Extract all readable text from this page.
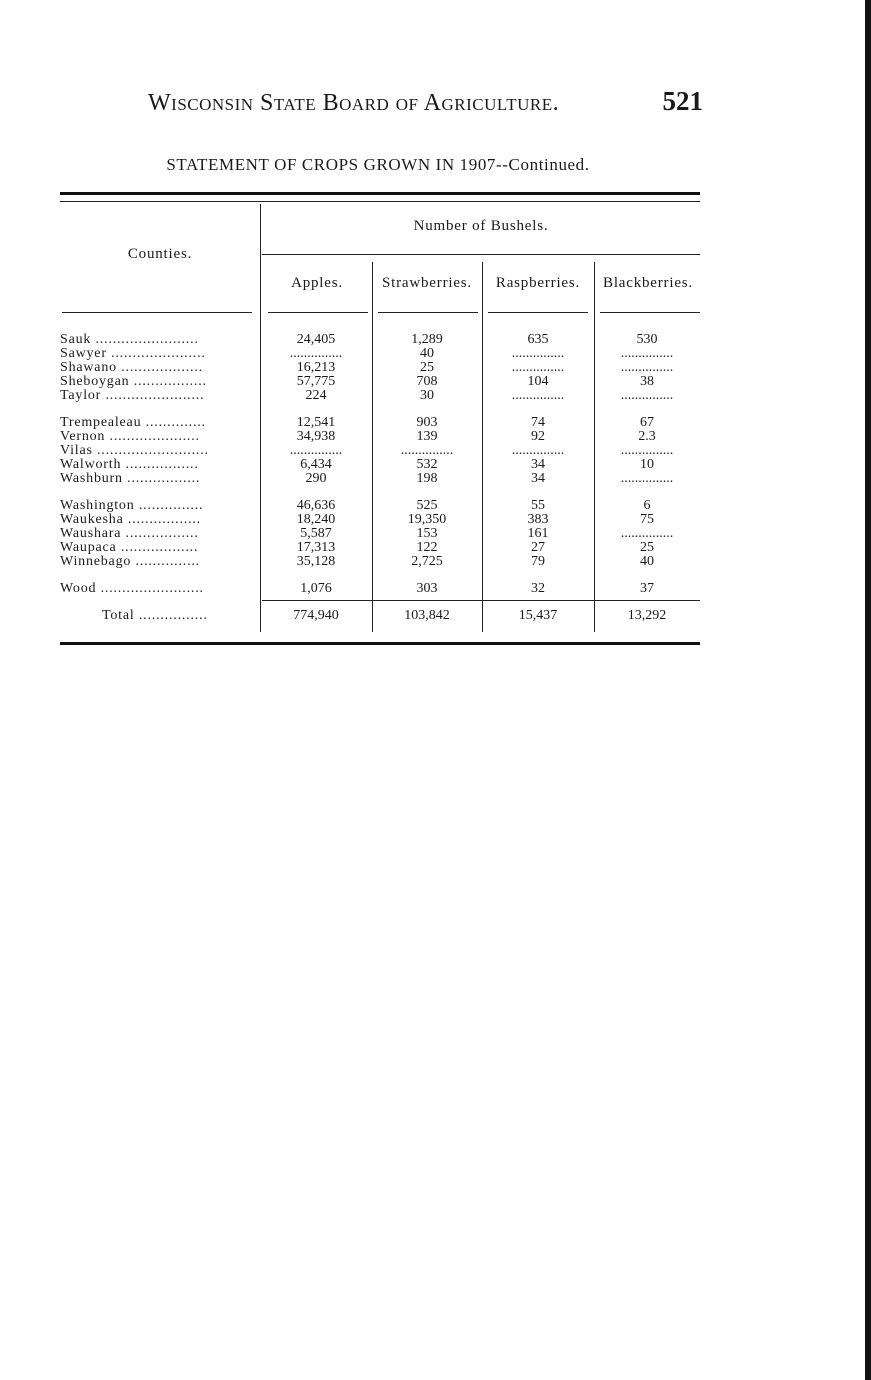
Wisconsin State Board of Agriculture.	521
STATEMENT OF CROPS GROWN IN 1907--Continued.
Counties.
Number of Bushels.
Apples.	Strawberries.	Raspberries.	Blackberries.
Sauk ........................	24,405	1,289	635	530
Sawyer ......................	...............	40	...............	...............
Shawano ...................	16,213	25	...............	...............
Sheboygan .................	57,775	708	104	38
Taylor .......................	224	30	...............	...............
Trempealeau ..............	12,541	903	74	67
Vernon .....................	34,938	139	92	2.3
Vilas ..........................	...............	...............	...............	...............
Walworth .................	6,434	532	34	10
Washburn .................	290	198	34	...............
Washington ...............	46,636	525	55	6
Waukesha .................	18,240	19,350	383	75
Waushara .................	5,587	153	161	...............
Waupaca ..................	17,313	122	27	25
Winnebago ...............	35,128	2,725	79	40
Wood ........................	1,076	303	32	37
Total ................	774,940	103,842	15,437	13,292
